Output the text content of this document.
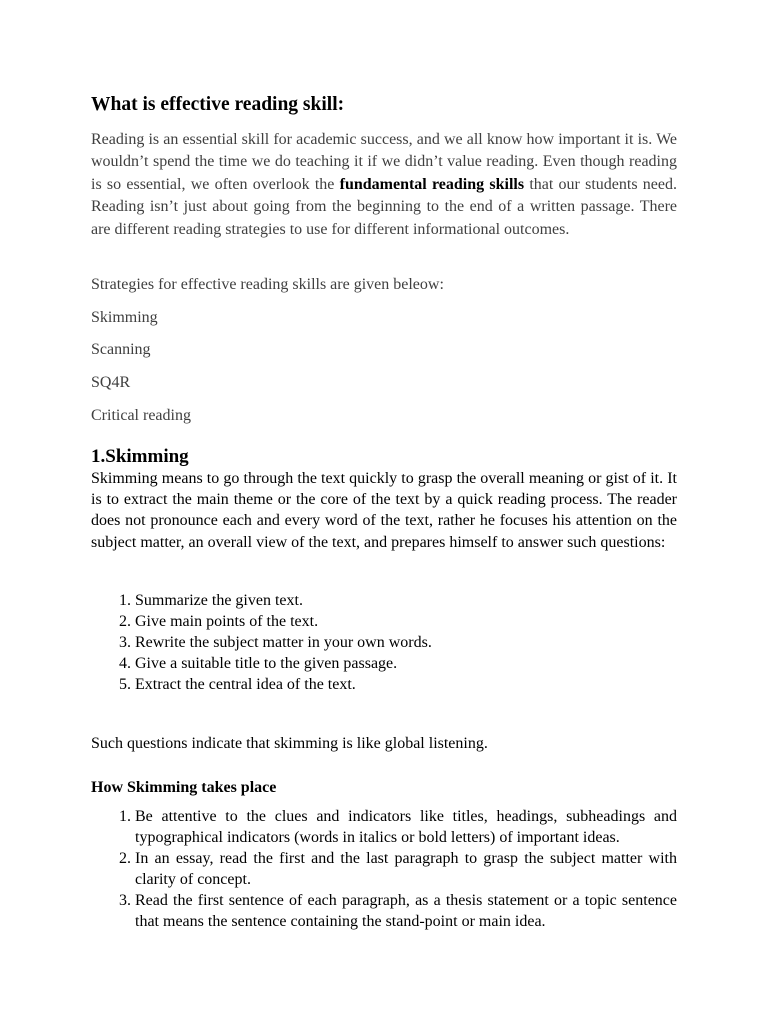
What is effective reading skill:

Reading is an essential skill for academic success, and we all know how important it is. We wouldn’t spend the time we do teaching it if we didn’t value reading. Even though reading is so essential, we often overlook the fundamental reading skills that our students need. Reading isn’t just about going from the beginning to the end of a written passage. There are different reading strategies to use for different informational outcomes.

Strategies for effective reading skills are given beleow:

Skimming

Scanning

SQ4R

Critical reading

1.Skimming

Skimming means to go through the text quickly to grasp the overall meaning or gist of it. It is to extract the main theme or the core of the text by a quick reading process. The reader does not pronounce each and every word of the text, rather he focuses his attention on the subject matter, an overall view of the text, and prepares himself to answer such questions:

1. Summarize the given text.
2. Give main points of the text.
3. Rewrite the subject matter in your own words.
4. Give a suitable title to the given passage.
5. Extract the central idea of the text.

Such questions indicate that skimming is like global listening.

How Skimming takes place
1. Be attentive to the clues and indicators like titles, headings, subheadings and typographical indicators (words in italics or bold letters) of important ideas.
2. In an essay, read the first and the last paragraph to grasp the subject matter with clarity of concept.
3. Read the first sentence of each paragraph, as a thesis statement or a topic sentence that means the sentence containing the stand-point or main idea.
